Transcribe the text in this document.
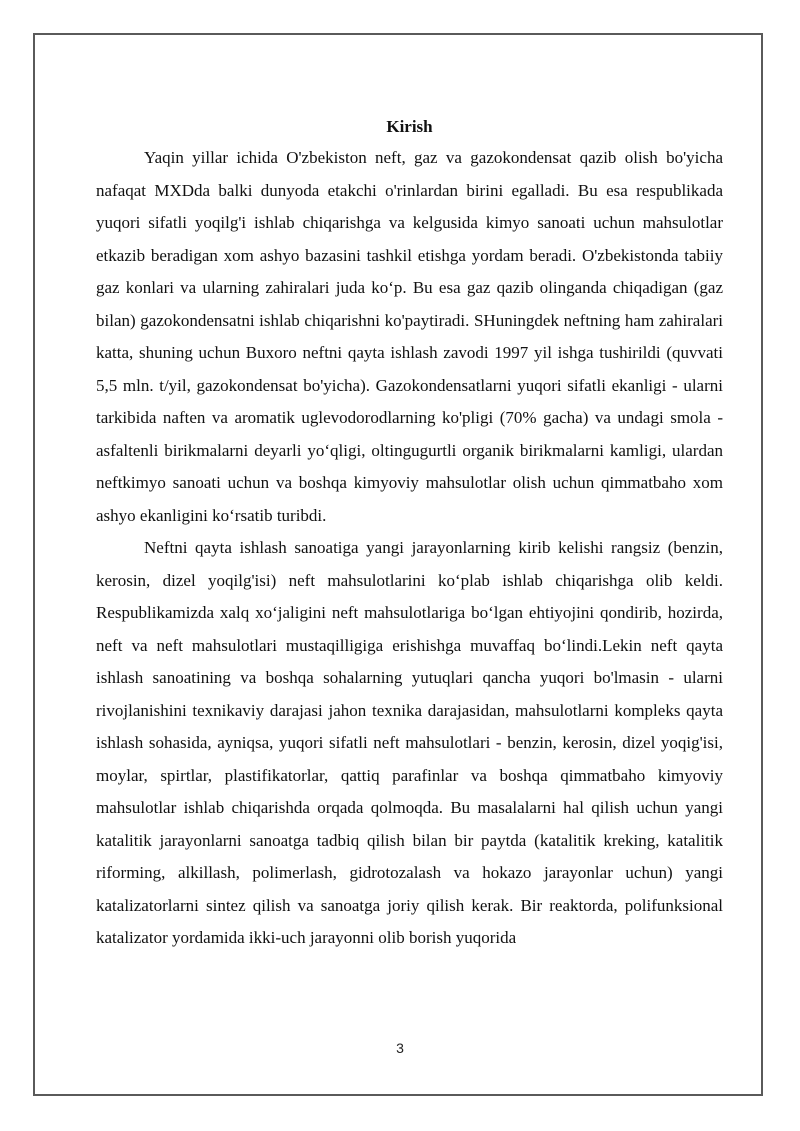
Kirish

Yaqin yillar ichida O'zbekiston neft, gaz va gazokondensat qazib olish bo'yicha nafaqat MXDda balki dunyoda etakchi o'rinlardan birini egalladi. Bu esa respublikada yuqori sifatli yoqilg'i ishlab chiqarishga va kelgusida kimyo sanoati uchun mahsulotlar etkazib beradigan xom ashyo bazasini tashkil etishga yordam beradi. O'zbekistonda tabiiy gaz konlari va ularning zahiralari juda ko‘p. Bu esa gaz qazib olinganda chiqadigan (gaz bilan) gazokondensatni ishlab chiqarishni ko'paytiradi. SHuningdek neftning ham zahiralari katta, shuning uchun Buxoro neftni qayta ishlash zavodi 1997 yil ishga tushirildi (quvvati 5,5 mln. t/yil, gazokondensat bo'yicha). Gazokondensatlarni yuqori sifatli ekanligi - ularni tarkibida naften va aromatik uglevodorodlarning ko'pligi (70% gacha) va undagi smola - asfaltenli birikmalarni deyarli yo‘qligi, oltingugurtli organik birikmalarni kamligi, ulardan neftkimyo sanoati uchun va boshqa kimyoviy mahsulotlar olish uchun qimmatbaho xom ashyo ekanligini ko‘rsatib turibdi.

Neftni qayta ishlash sanoatiga yangi jarayonlarning kirib kelishi rangsiz (benzin, kerosin, dizel yoqilg'isi) neft mahsulotlarini ko‘plab ishlab chiqarishga olib keldi. Respublikamizda xalq xo‘jaligini neft mahsulotlariga bo‘lgan ehtiyojini qondirib, hozirda, neft va neft mahsulotlari mustaqilligiga erishishga muvaffaq bo‘lindi.Lekin neft qayta ishlash sanoatining va boshqa sohalarning yutuqlari qancha yuqori bo'lmasin - ularni rivojlanishini texnikaviy darajasi jahon texnika darajasidan, mahsulotlarni kompleks qayta ishlash sohasida, ayniqsa, yuqori sifatli neft mahsulotlari - benzin, kerosin, dizel yoqig'isi, moylar, spirtlar, plastifikatorlar, qattiq parafinlar va boshqa qimmatbaho kimyoviy mahsulotlar ishlab chiqarishda orqada qolmoqda. Bu masalalarni hal qilish uchun yangi katalitik jarayonlarni sanoatga tadbiq qilish bilan bir paytda (katalitik kreking, katalitik riforming, alkillash, polimerlash, gidrotozalash va hokazo jarayonlar uchun) yangi katalizatorlarni sintez qilish va sanoatga joriy qilish kerak. Bir reaktorda, polifunksional katalizator yordamida ikki-uch jarayonni olib borish yuqorida

3
